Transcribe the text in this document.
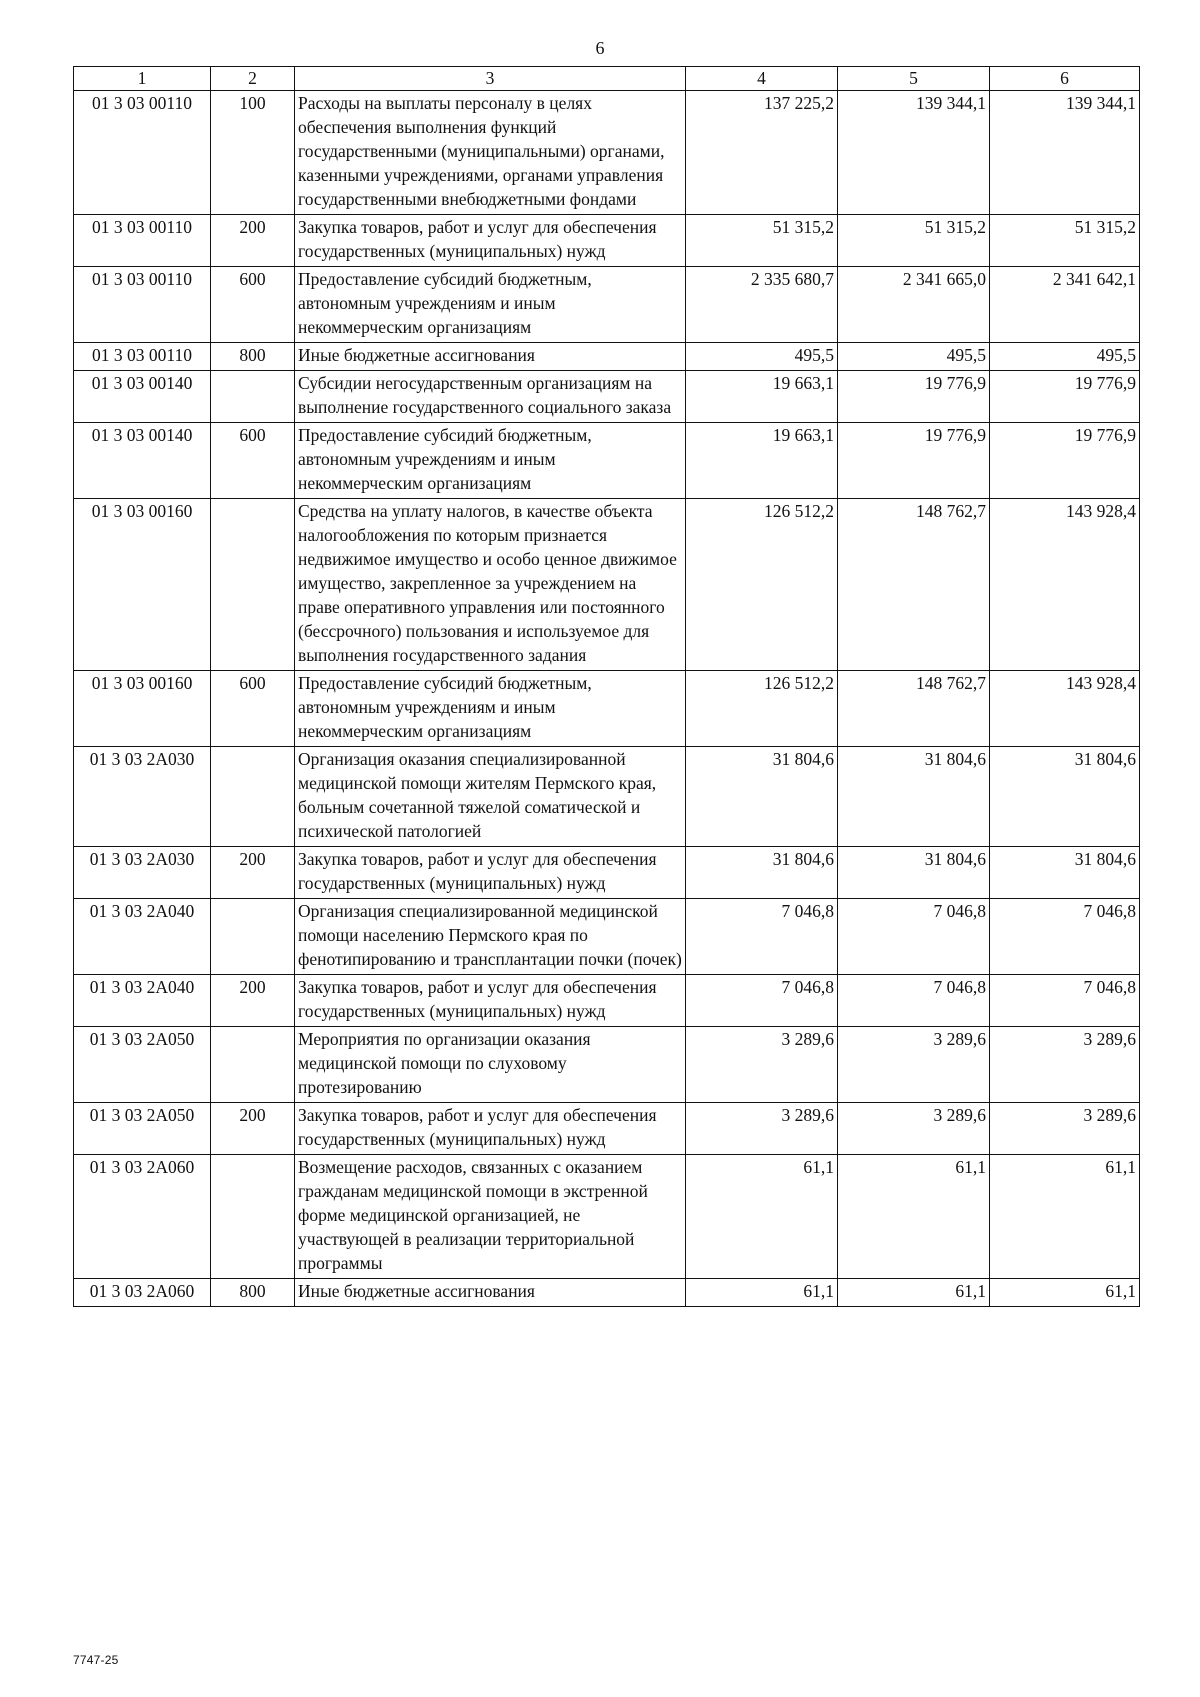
6
1	2	3	4	5	6
01 3 03 00110	100	Расходы на выплаты персоналу в целях обеспечения выполнения функций государственными (муниципальными) органами, казенными учреждениями, органами управления государственными внебюджетными фондами	137 225,2	139 344,1	139 344,1
01 3 03 00110	200	Закупка товаров, работ и услуг для обеспечения государственных (муниципальных) нужд	51 315,2	51 315,2	51 315,2
01 3 03 00110	600	Предоставление субсидий бюджетным, автономным учреждениям и иным некоммерческим организациям	2 335 680,7	2 341 665,0	2 341 642,1
01 3 03 00110	800	Иные бюджетные ассигнования	495,5	495,5	495,5
01 3 03 00140		Субсидии негосударственным организациям на выполнение государственного социального заказа	19 663,1	19 776,9	19 776,9
01 3 03 00140	600	Предоставление субсидий бюджетным, автономным учреждениям и иным некоммерческим организациям	19 663,1	19 776,9	19 776,9
01 3 03 00160		Средства на уплату налогов, в качестве объекта налогообложения по которым признается недвижимое имущество и особо ценное движимое имущество, закрепленное за учреждением на праве оперативного управления или постоянного (бессрочного) пользования и используемое для выполнения государственного задания	126 512,2	148 762,7	143 928,4
01 3 03 00160	600	Предоставление субсидий бюджетным, автономным учреждениям и иным некоммерческим организациям	126 512,2	148 762,7	143 928,4
01 3 03 2А030		Организация оказания специализированной медицинской помощи жителям Пермского края, больным сочетанной тяжелой соматической и психической патологией	31 804,6	31 804,6	31 804,6
01 3 03 2А030	200	Закупка товаров, работ и услуг для обеспечения государственных (муниципальных) нужд	31 804,6	31 804,6	31 804,6
01 3 03 2А040		Организация специализированной медицинской помощи населению Пермского края по фенотипированию и трансплантации почки (почек)	7 046,8	7 046,8	7 046,8
01 3 03 2А040	200	Закупка товаров, работ и услуг для обеспечения государственных (муниципальных) нужд	7 046,8	7 046,8	7 046,8
01 3 03 2А050		Мероприятия по организации оказания медицинской помощи по слуховому протезированию	3 289,6	3 289,6	3 289,6
01 3 03 2А050	200	Закупка товаров, работ и услуг для обеспечения государственных (муниципальных) нужд	3 289,6	3 289,6	3 289,6
01 3 03 2А060		Возмещение расходов, связанных с оказанием гражданам медицинской помощи в экстренной форме медицинской организацией, не участвующей в реализации территориальной программы	61,1	61,1	61,1
01 3 03 2А060	800	Иные бюджетные ассигнования	61,1	61,1	61,1
7747-25
